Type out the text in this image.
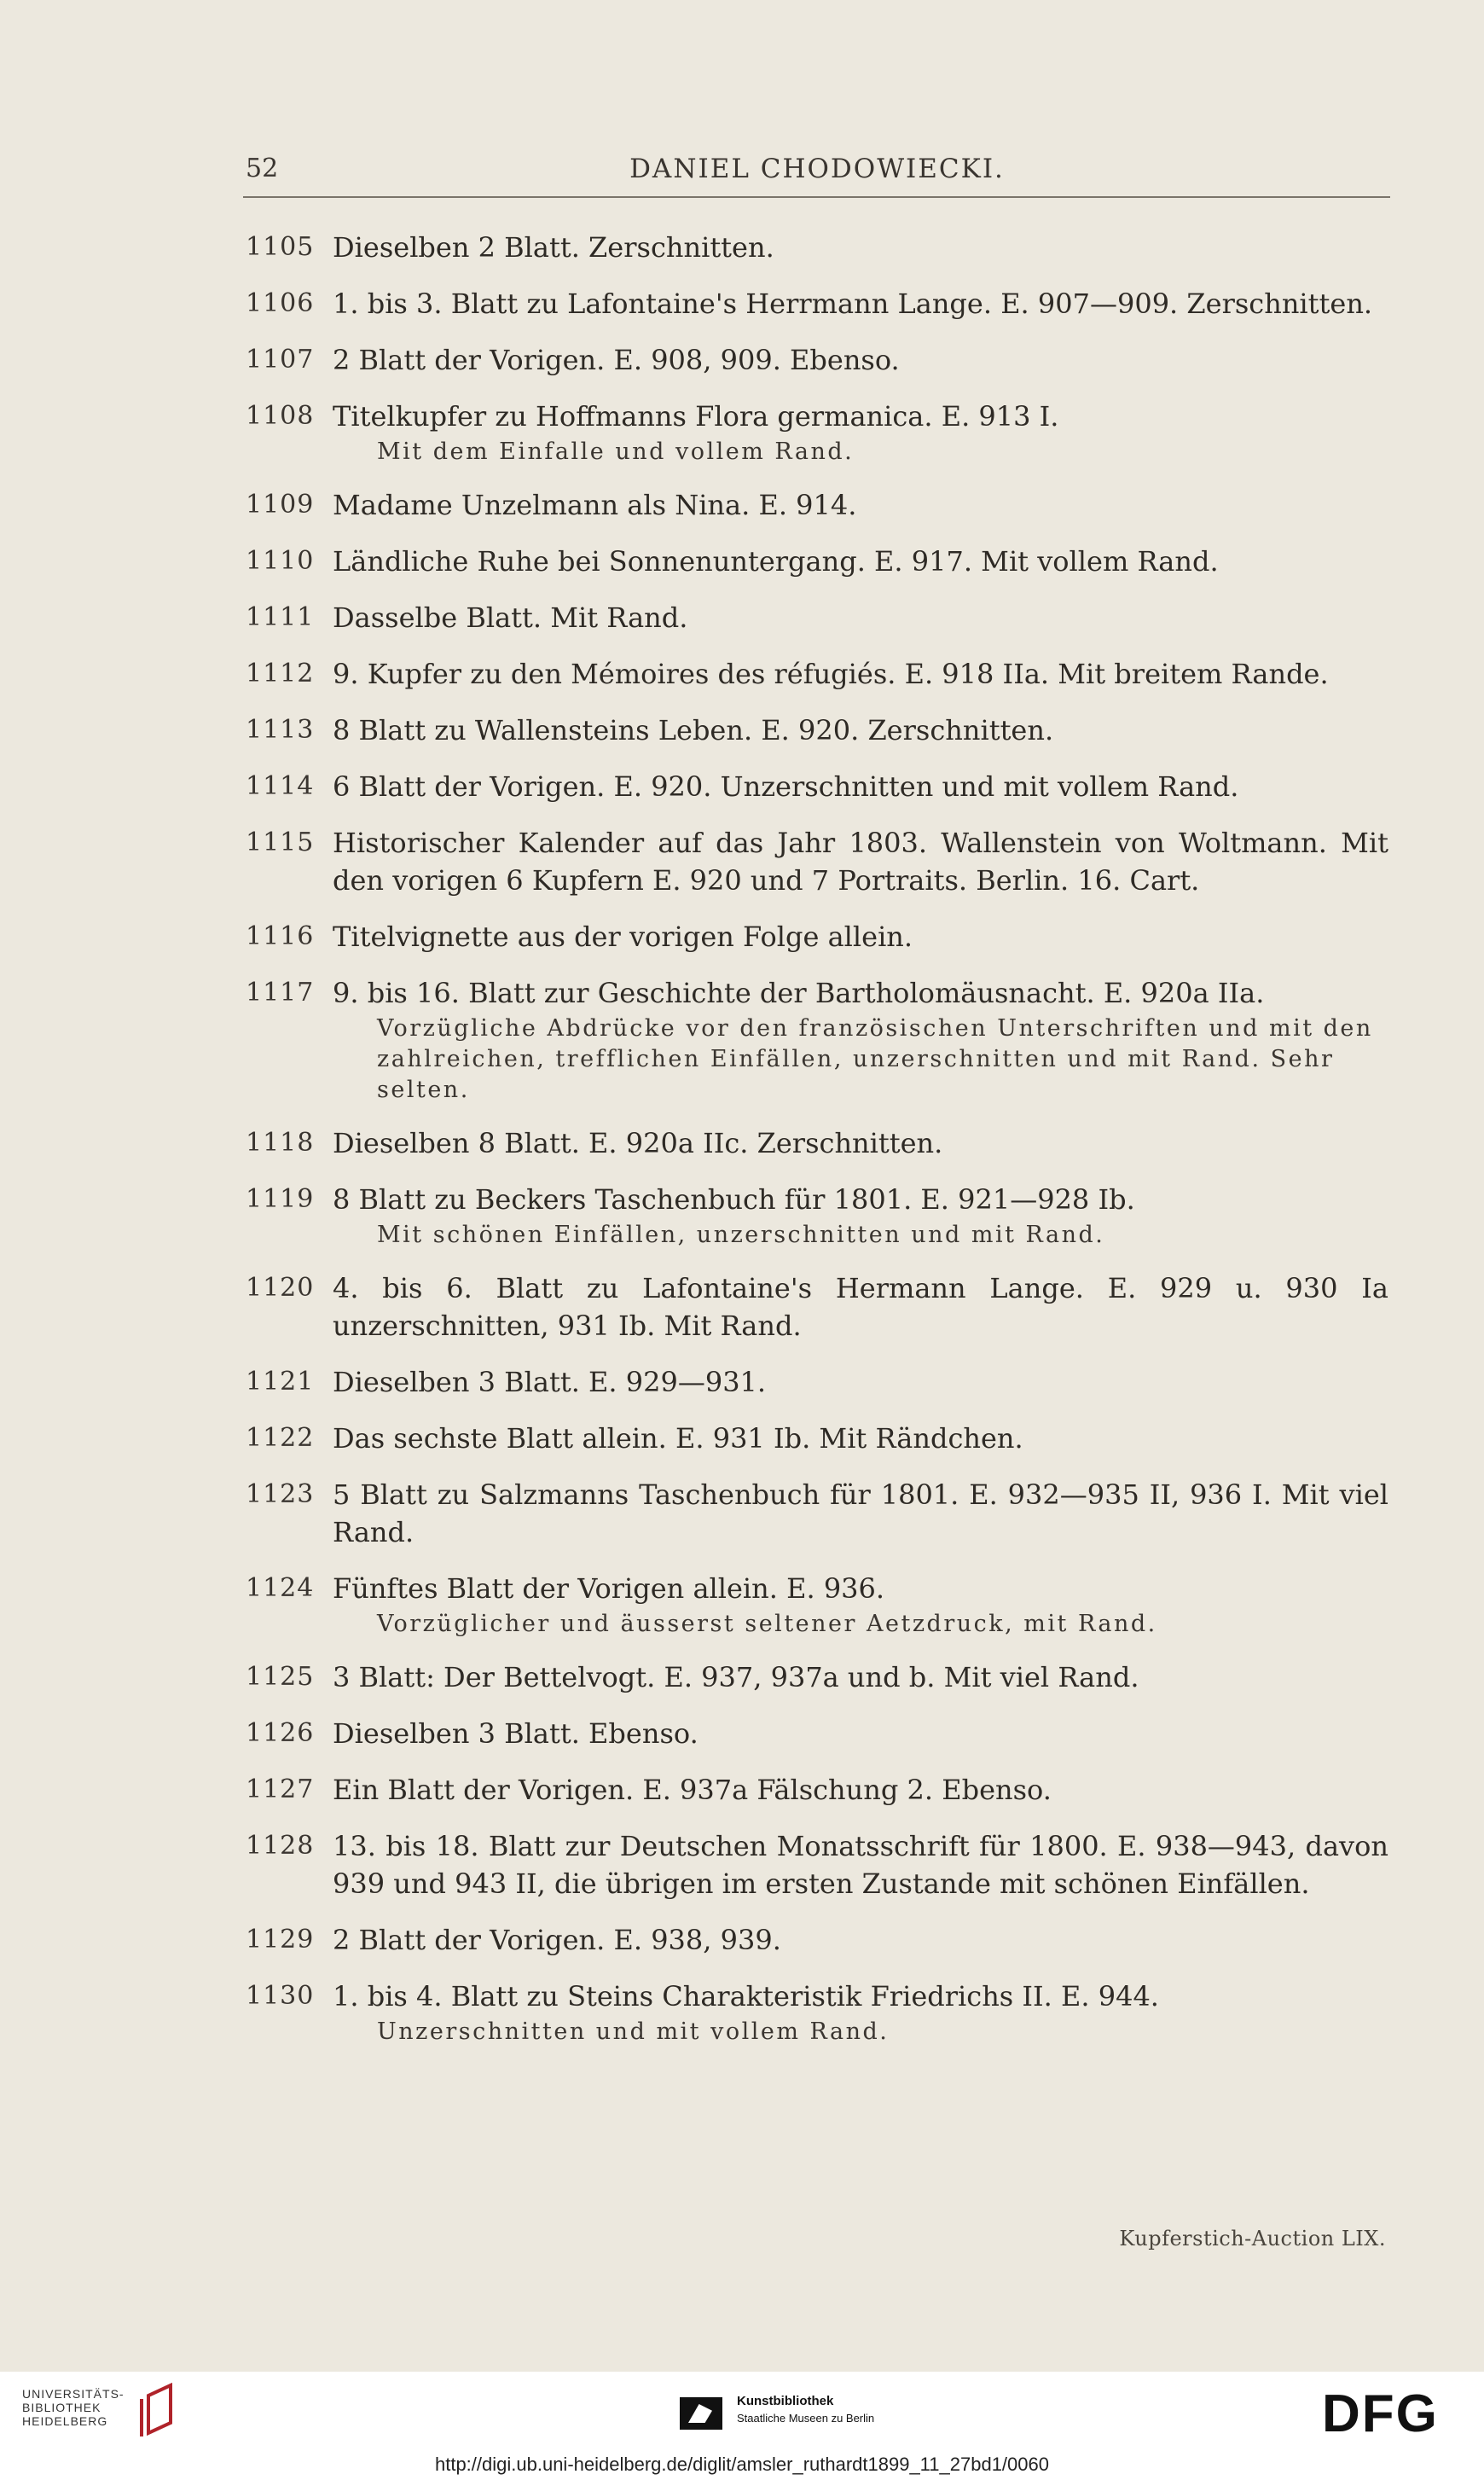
52	DANIEL CHODOWIECKI.
1105 Dieselben 2 Blatt. Zerschnitten.
1106 1. bis 3. Blatt zu Lafontaine's Herrmann Lange. E. 907—909. Zerschnitten.
1107 2 Blatt der Vorigen. E. 908, 909. Ebenso.
1108 Titelkupfer zu Hoffmanns Flora germanica. E. 913 I.
Mit dem Einfalle und vollem Rand.
1109 Madame Unzelmann als Nina. E. 914.
1110 Ländliche Ruhe bei Sonnenuntergang. E. 917. Mit vollem Rand.
1111 Dasselbe Blatt. Mit Rand.
1112 9. Kupfer zu den Mémoires des réfugiés. E. 918 IIa. Mit breitem Rande.
1113 8 Blatt zu Wallensteins Leben. E. 920. Zerschnitten.
1114 6 Blatt der Vorigen. E. 920. Unzerschnitten und mit vollem Rand.
1115 Historischer Kalender auf das Jahr 1803. Wallenstein von Woltmann. Mit den vorigen 6 Kupfern E. 920 und 7 Portraits. Berlin. 16. Cart.
1116 Titelvignette aus der vorigen Folge allein.
1117 9. bis 16. Blatt zur Geschichte der Bartholomäusnacht. E. 920a IIa.
Vorzügliche Abdrücke vor den französischen Unterschriften und mit den zahlreichen, trefflichen Einfällen, unzerschnitten und mit Rand. Sehr selten.
1118 Dieselben 8 Blatt. E. 920a IIc. Zerschnitten.
1119 8 Blatt zu Beckers Taschenbuch für 1801. E. 921—928 Ib.
Mit schönen Einfällen, unzerschnitten und mit Rand.
1120 4. bis 6. Blatt zu Lafontaine's Hermann Lange. E. 929 u. 930 Ia unzerschnitten, 931 Ib. Mit Rand.
1121 Dieselben 3 Blatt. E. 929—931.
1122 Das sechste Blatt allein. E. 931 Ib. Mit Rändchen.
1123 5 Blatt zu Salzmanns Taschenbuch für 1801. E. 932—935 II, 936 I. Mit viel Rand.
1124 Fünftes Blatt der Vorigen allein. E. 936.
Vorzüglicher und äusserst seltener Aetzdruck, mit Rand.
1125 3 Blatt: Der Bettelvogt. E. 937, 937a und b. Mit viel Rand.
1126 Dieselben 3 Blatt. Ebenso.
1127 Ein Blatt der Vorigen. E. 937a Fälschung 2. Ebenso.
1128 13. bis 18. Blatt zur Deutschen Monatsschrift für 1800. E. 938—943, davon 939 und 943 II, die übrigen im ersten Zustande mit schönen Einfällen.
1129 2 Blatt der Vorigen. E. 938, 939.
1130 1. bis 4. Blatt zu Steins Charakteristik Friedrichs II. E. 944.
Unzerschnitten und mit vollem Rand.
Kupferstich-Auction LIX.
UNIVERSITÄTS-
BIBLIOTHEK
HEIDELBERG
Kunstbibliothek
Staatliche Museen zu Berlin	DFG
http://digi.ub.uni-heidelberg.de/diglit/amsler_ruthardt1899_11_27bd1/0060
